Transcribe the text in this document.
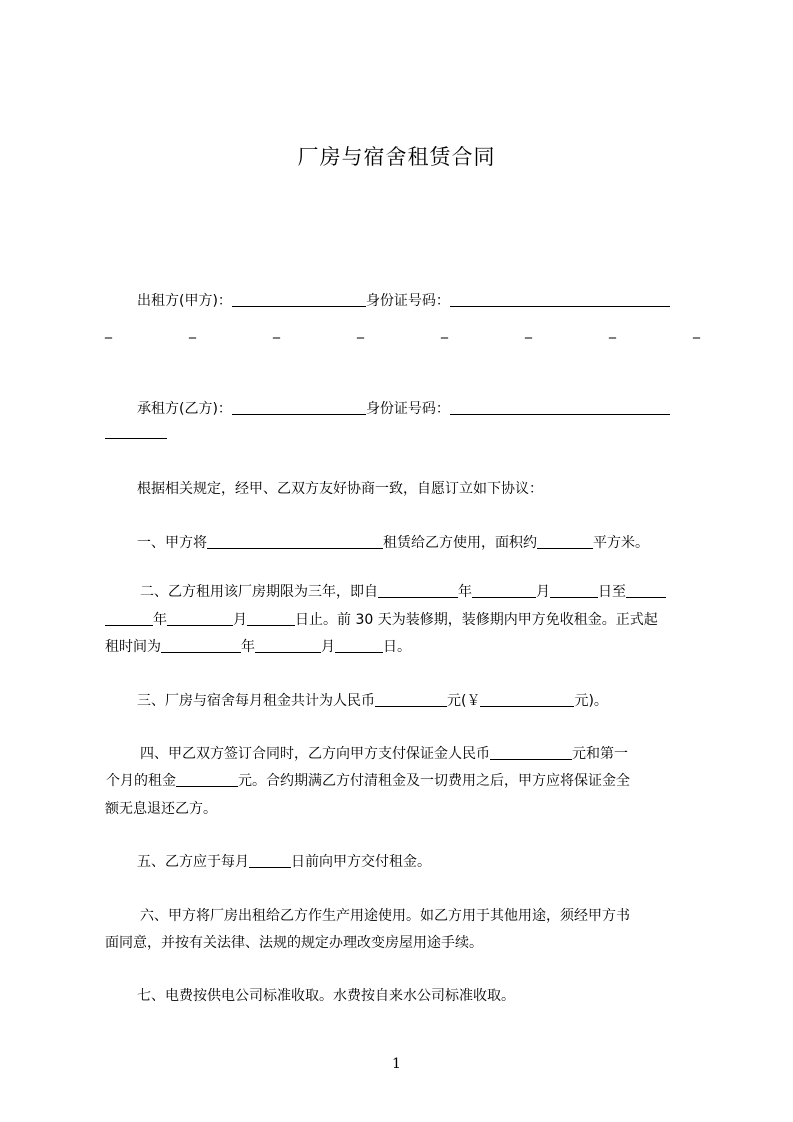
厂房与宿舍租赁合同
出租方(甲方)：	身份证号码：
_	_	_	_	_	_	_	_
承租方(乙方)：	身份证号码：
根据相关规定，经甲、乙双方友好协商一致，自愿订立如下协议：
一、甲方将	租赁给乙方使用，面积约	平方米。
二、乙方租用该厂房期限为三年，即自	年	月	日至
年	月	日止。前 30 天为装修期，装修期内甲方免收租金。正式起
租时间为	年	月	日。
三、厂房与宿舍每月租金共计为人民币	元(￥	元)。
四、甲乙双方签订合同时，乙方向甲方支付保证金人民币	元和第一
个月的租金	元。合约期满乙方付清租金及一切费用之后，甲方应将保证金全
额无息退还乙方。
五、乙方应于每月	日前向甲方交付租金。
六、甲方将厂房出租给乙方作生产用途使用。如乙方用于其他用途，须经甲方书
面同意，并按有关法律、法规的规定办理改变房屋用途手续。
七、电费按供电公司标准收取。水费按自来水公司标准收取。
1
